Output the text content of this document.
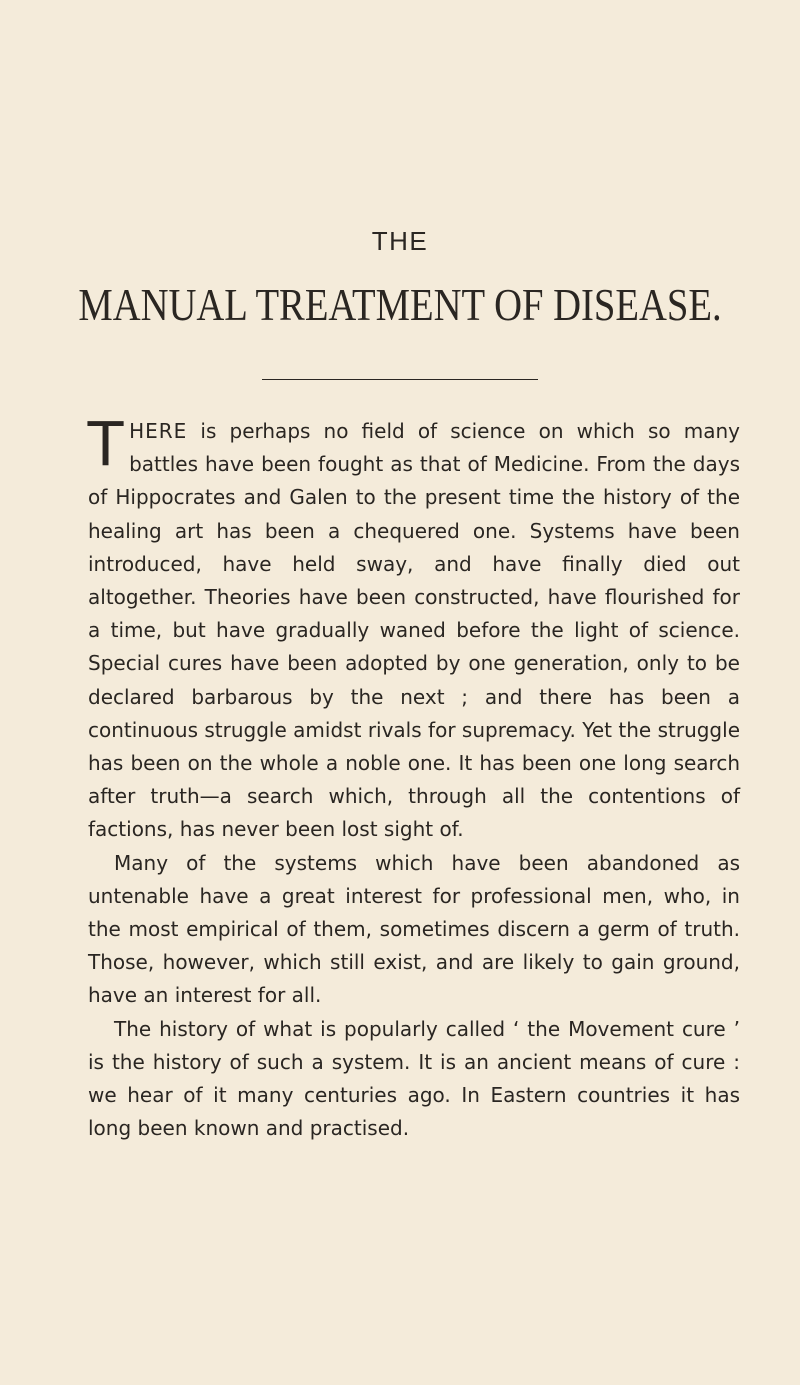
THE
MANUAL TREATMENT OF DISEASE.

THERE is perhaps no field of science on which so many battles have been fought as that of Medicine. From the days of Hippocrates and Galen to the present time the history of the healing art has been a chequered one. Systems have been introduced, have held sway, and have finally died out altogether. Theories have been constructed, have flourished for a time, but have gradually waned before the light of science. Special cures have been adopted by one generation, only to be declared barbarous by the next ; and there has been a continuous struggle amidst rivals for supremacy. Yet the struggle has been on the whole a noble one. It has been one long search after truth—a search which, through all the contentions of factions, has never been lost sight of.

Many of the systems which have been abandoned as untenable have a great interest for professional men, who, in the most empirical of them, sometimes discern a germ of truth. Those, however, which still exist, and are likely to gain ground, have an interest for all.

The history of what is popularly called ‘ the Movement cure ’ is the history of such a system. It is an ancient means of cure : we hear of it many centuries ago. In Eastern countries it has long been known and practised.
